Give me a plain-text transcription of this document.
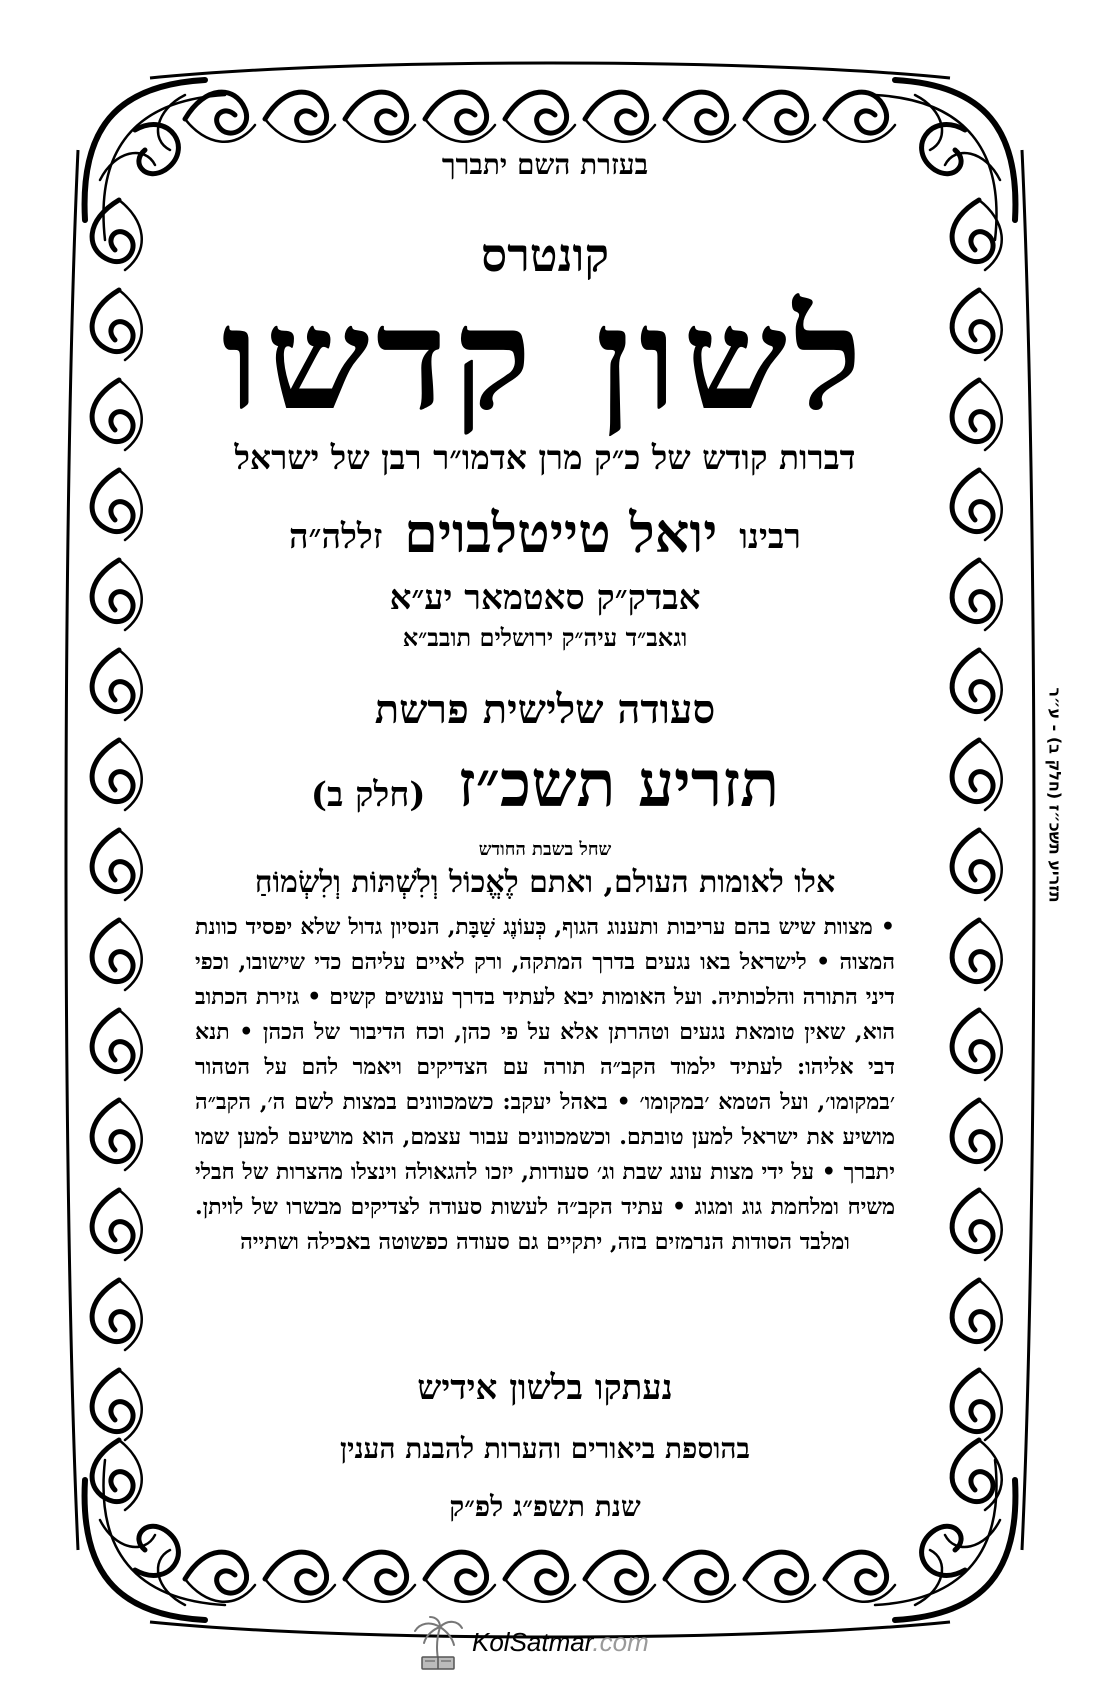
בעזרת השם יתברך
קונטרס
לשון קדשו
דברות קודש של כ״ק מרן אדמו״ר רבן של ישראל
רבינו יואל טייטלבוים זללה״ה
אבדק״ק סאטמאר יע״א
וגאב״ד עיה״ק ירושלים תובב״א
סעודה שלישית פרשת
תזריע תשכ״ז (חלק ב)
שחל בשבת החודש
אלו לאומות העולם, ואתם לֶאֱכוֹל וְלִשְׁתּוֹת וְלִשְׂמוֹחַ

• מצוות שיש בהם עריבות ותענוג הגוף, כְּעוֹנֶג שַׁבָּת, הנסיון גדול שלא יפסיד כוונת המצוה • לישראל באו נגעים בדרך המתקה, ורק לאיים עליהם כדי שישובו, וכפי דיני התורה והלכותיה. ועל האומות יבא לעתיד בדרך עונשים קשים • גזירת הכתוב הוא, שאין טומאת נגעים וטהרתן אלא על פי כהן, וכח הדיבור של הכהן • תנא דבי אליהו: לעתיד ילמוד הקב״ה תורה עם הצדיקים ויאמר להם על הטהור ׳במקומו׳, ועל הטמא ׳במקומו׳ • באהל יעקב: כשמכוונים במצות לשם ה׳, הקב״ה מושיע את ישראל למען טובתם. וכשמכוונים עבור עצמם, הוא מושיעם למען שמו יתברך • על ידי מצות עונג שבת וג׳ סעודות, יזכו להגאולה וינצלו מהצרות של חבלי משיח ומלחמת גוג ומגוג • עתיד הקב״ה לעשות סעודה לצדיקים מבשרו של לויתן. ומלבד הסודות הנרמזים בזה, יתקיים גם סעודה כפשוטה באכילה ושתייה

נעתקו בלשון אידיש
בהוספת ביאורים והערות להבנת הענין
שנת תשפ״ג לפ״ק
תזריע תשכ״ז (חלק ב) - ע״ר
KolSatmar.com
